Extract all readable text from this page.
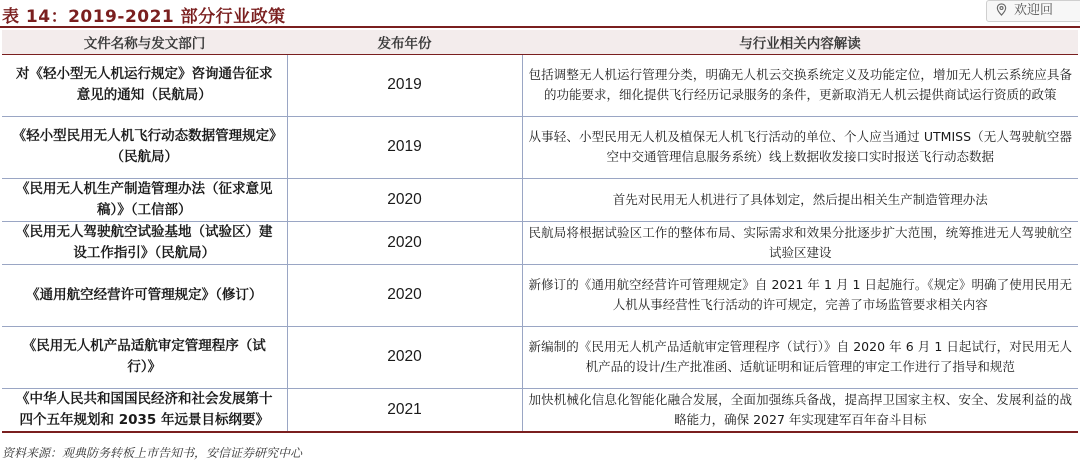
表 14：2019-2021 部分行业政策	欢迎回
文件名称与发文部门	发布年份	与行业相关内容解读
对《轻小型无人机运行规定》咨询通告征求意见的通知（民航局）	2019	包括调整无人机运行管理分类，明确无人机云交换系统定义及功能定位，增加无人机云系统应具备的功能要求，细化提供飞行经历记录服务的条件，更新取消无人机云提供商试运行资质的政策
《轻小型民用无人机飞行动态数据管理规定》（民航局）	2019	从事轻、小型民用无人机及植保无人机飞行活动的单位、个人应当通过 UTMISS（无人驾驶航空器空中交通管理信息服务系统）线上数据收发接口实时报送飞行动态数据
《民用无人机生产制造管理办法（征求意见稿）》（工信部）	2020	首先对民用无人机进行了具体划定，然后提出相关生产制造管理办法
《民用无人驾驶航空试验基地（试验区）建设工作指引》（民航局）	2020	民航局将根据试验区工作的整体布局、实际需求和效果分批逐步扩大范围，统筹推进无人驾驶航空试验区建设
《通用航空经营许可管理规定》（修订）	2020	新修订的《通用航空经营许可管理规定》自 2021 年 1 月 1 日起施行。《规定》明确了使用民用无人机从事经营性飞行活动的许可规定，完善了市场监管要求相关内容
《民用无人机产品适航审定管理程序（试行）》	2020	新编制的《民用无人机产品适航审定管理程序（试行）》自 2020 年 6 月 1 日起试行，对民用无人机产品的设计/生产批准函、适航证明和证后管理的审定工作进行了指导和规范
《中华人民共和国国民经济和社会发展第十四个五年规划和 2035 年远景目标纲要》	2021	加快机械化信息化智能化融合发展，全面加强练兵备战，提高捍卫国家主权、安全、发展利益的战略能力，确保 2027 年实现建军百年奋斗目标
资料来源：观典防务转板上市告知书，安信证券研究中心
